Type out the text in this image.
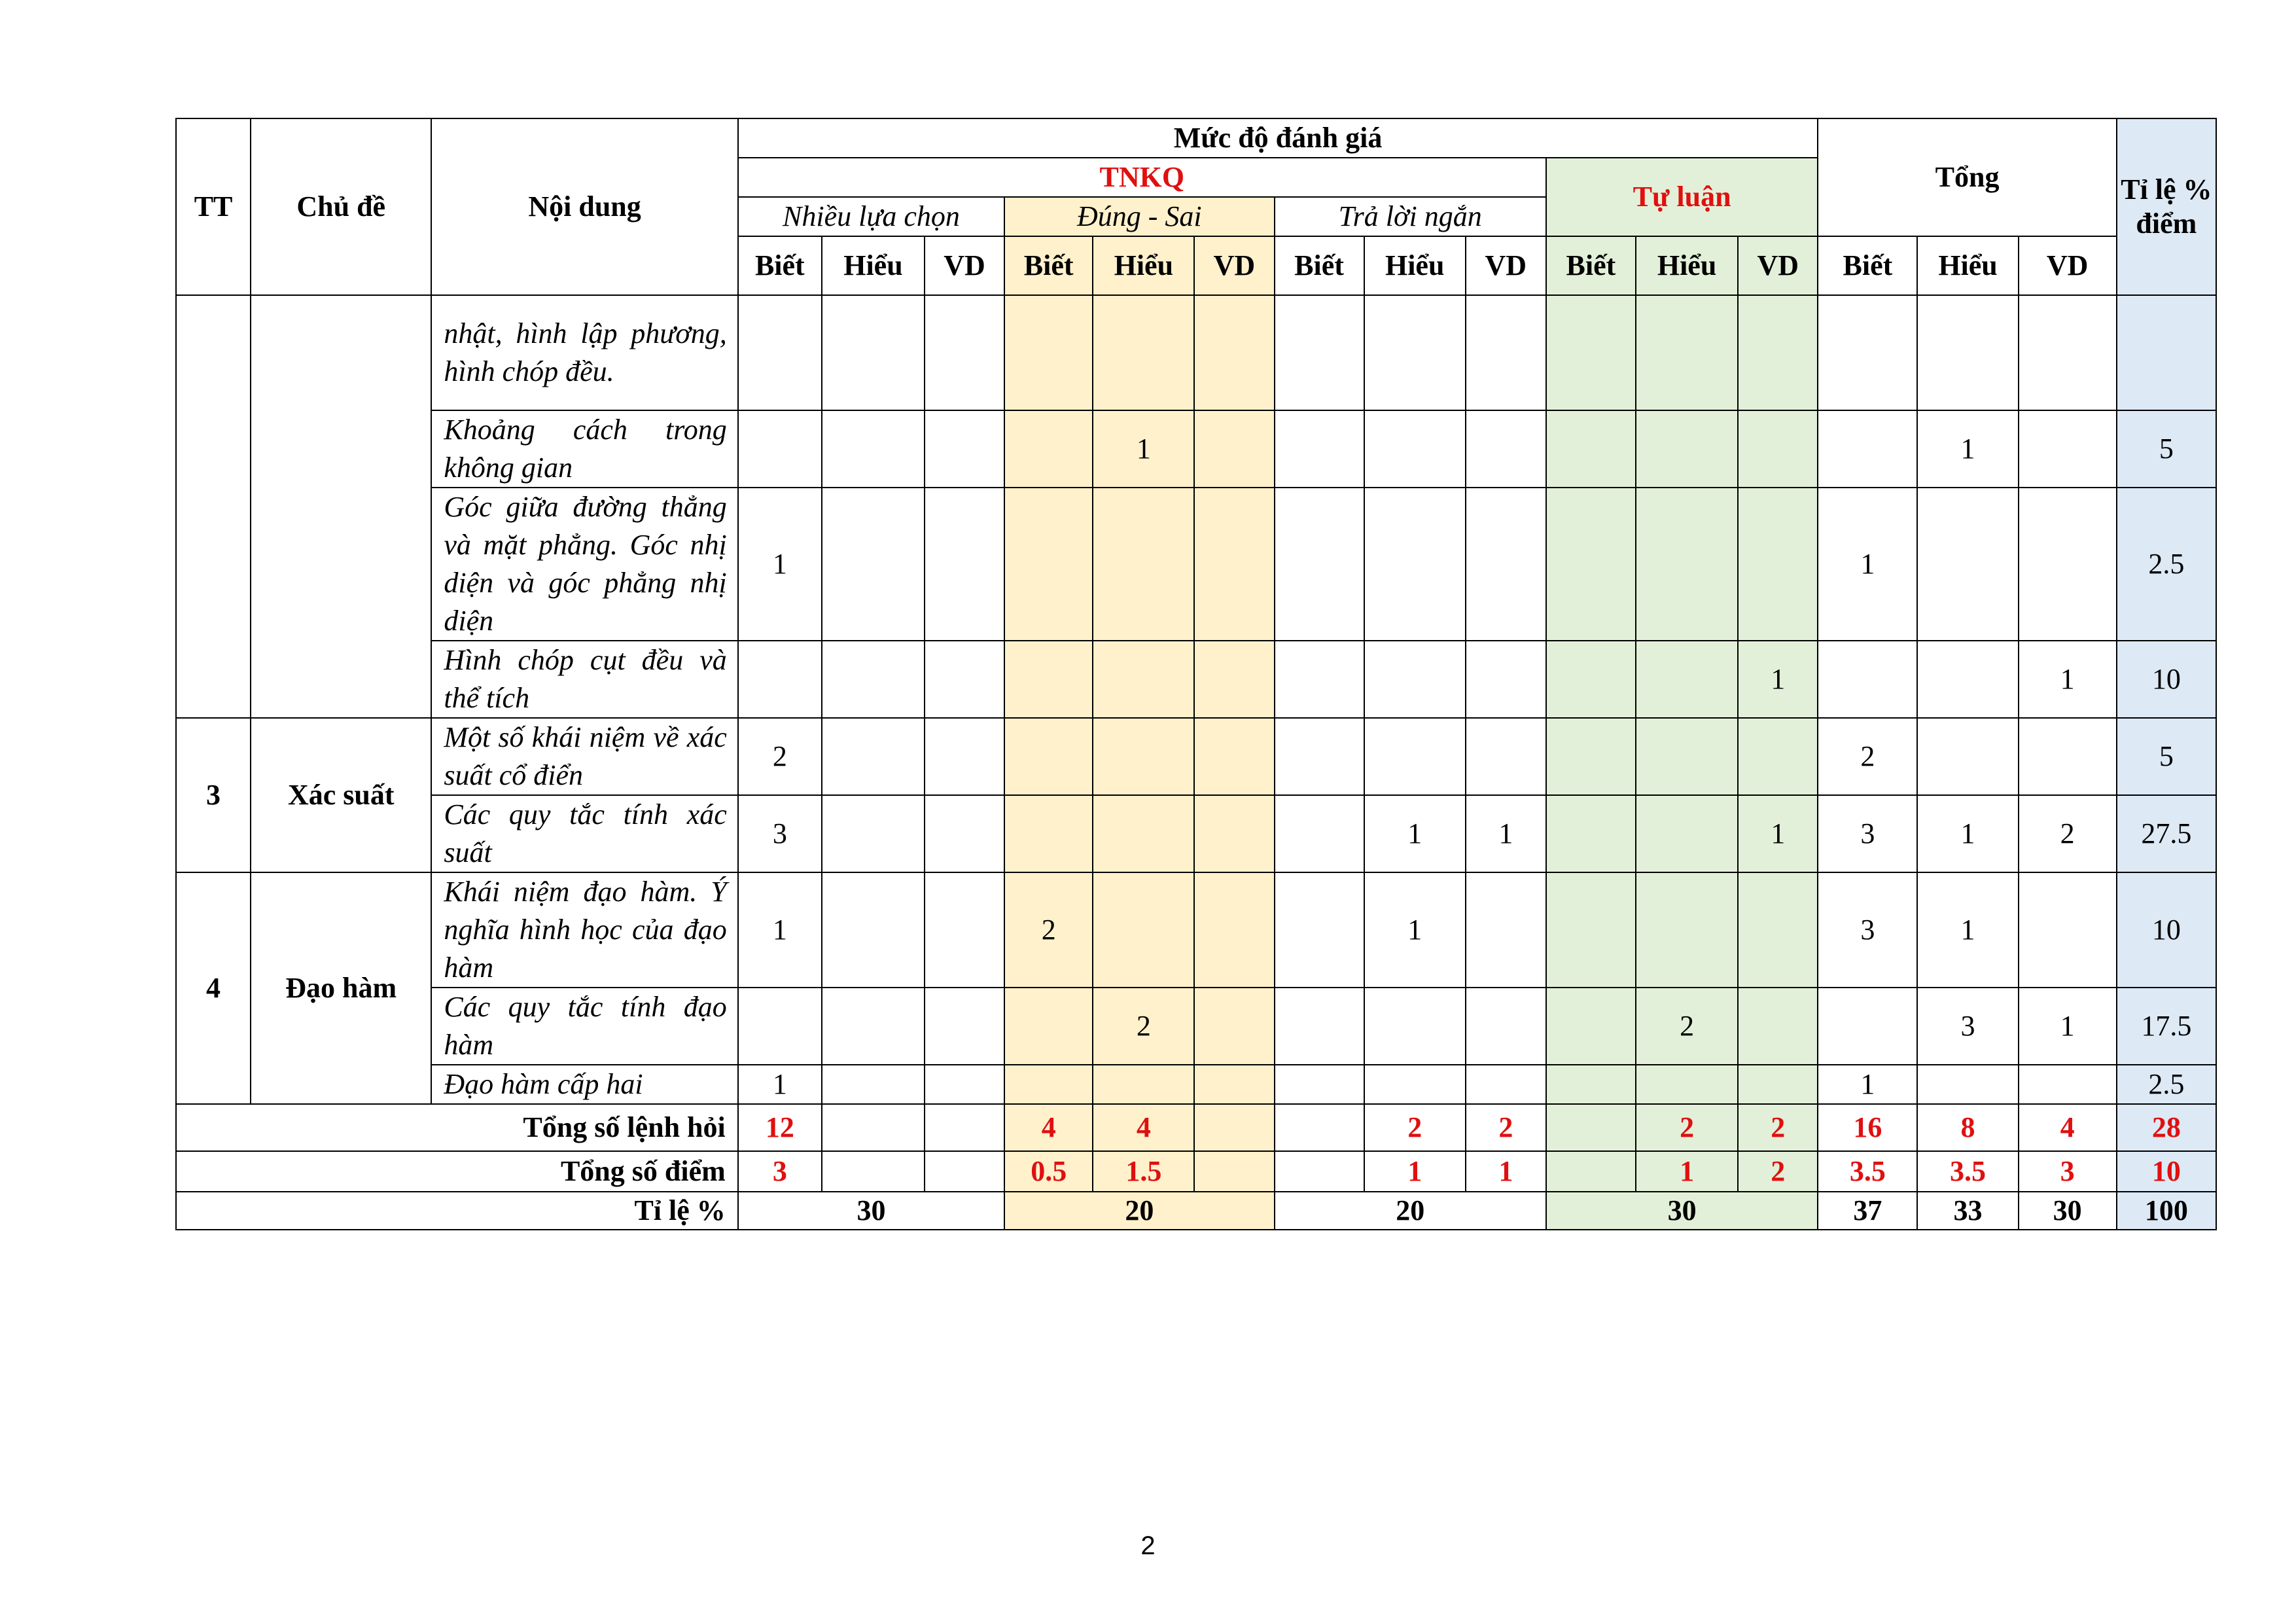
TT	Chủ đề	Nội dung	Mức độ đánh giá												Tổng			Tỉ lệ % điểm
			TNKQ									Tự luận						
			Nhiều lựa chọn			Đúng - Sai			Trả lời ngắn									
			Biết	Hiểu	VD	Biết	Hiểu	VD	Biết	Hiểu	VD	Biết	Hiểu	VD	Biết	Hiểu	VD	
		nhật, hình lập phương, hình chóp đều.																
		Khoảng cách trong không gian					1									1		5
		Góc giữa đường thẳng và mặt phẳng. Góc nhị diện và góc phẳng nhị diện	1												1			2.5
		Hình chóp cụt đều và thể tích												1			1	10
3	Xác suất	Một số khái niệm về xác suất cổ điển	2												2			5
		Các quy tắc tính xác suất	3							1	1			1	3	1	2	27.5
4	Đạo hàm	Khái niệm đạo hàm. Ý nghĩa hình học của đạo hàm	1			2				1					3	1		10
		Các quy tắc tính đạo hàm					2						2			3	1	17.5
		Đạo hàm cấp hai	1												1			2.5
Tổng số lệnh hỏi			12			4	4			2	2		2	2	16	8	4	28
Tổng số điểm			3			0.5	1.5			1	1		1	2	3.5	3.5	3	10
Tỉ lệ %			30			20			20			30			37	33	30	100
2
